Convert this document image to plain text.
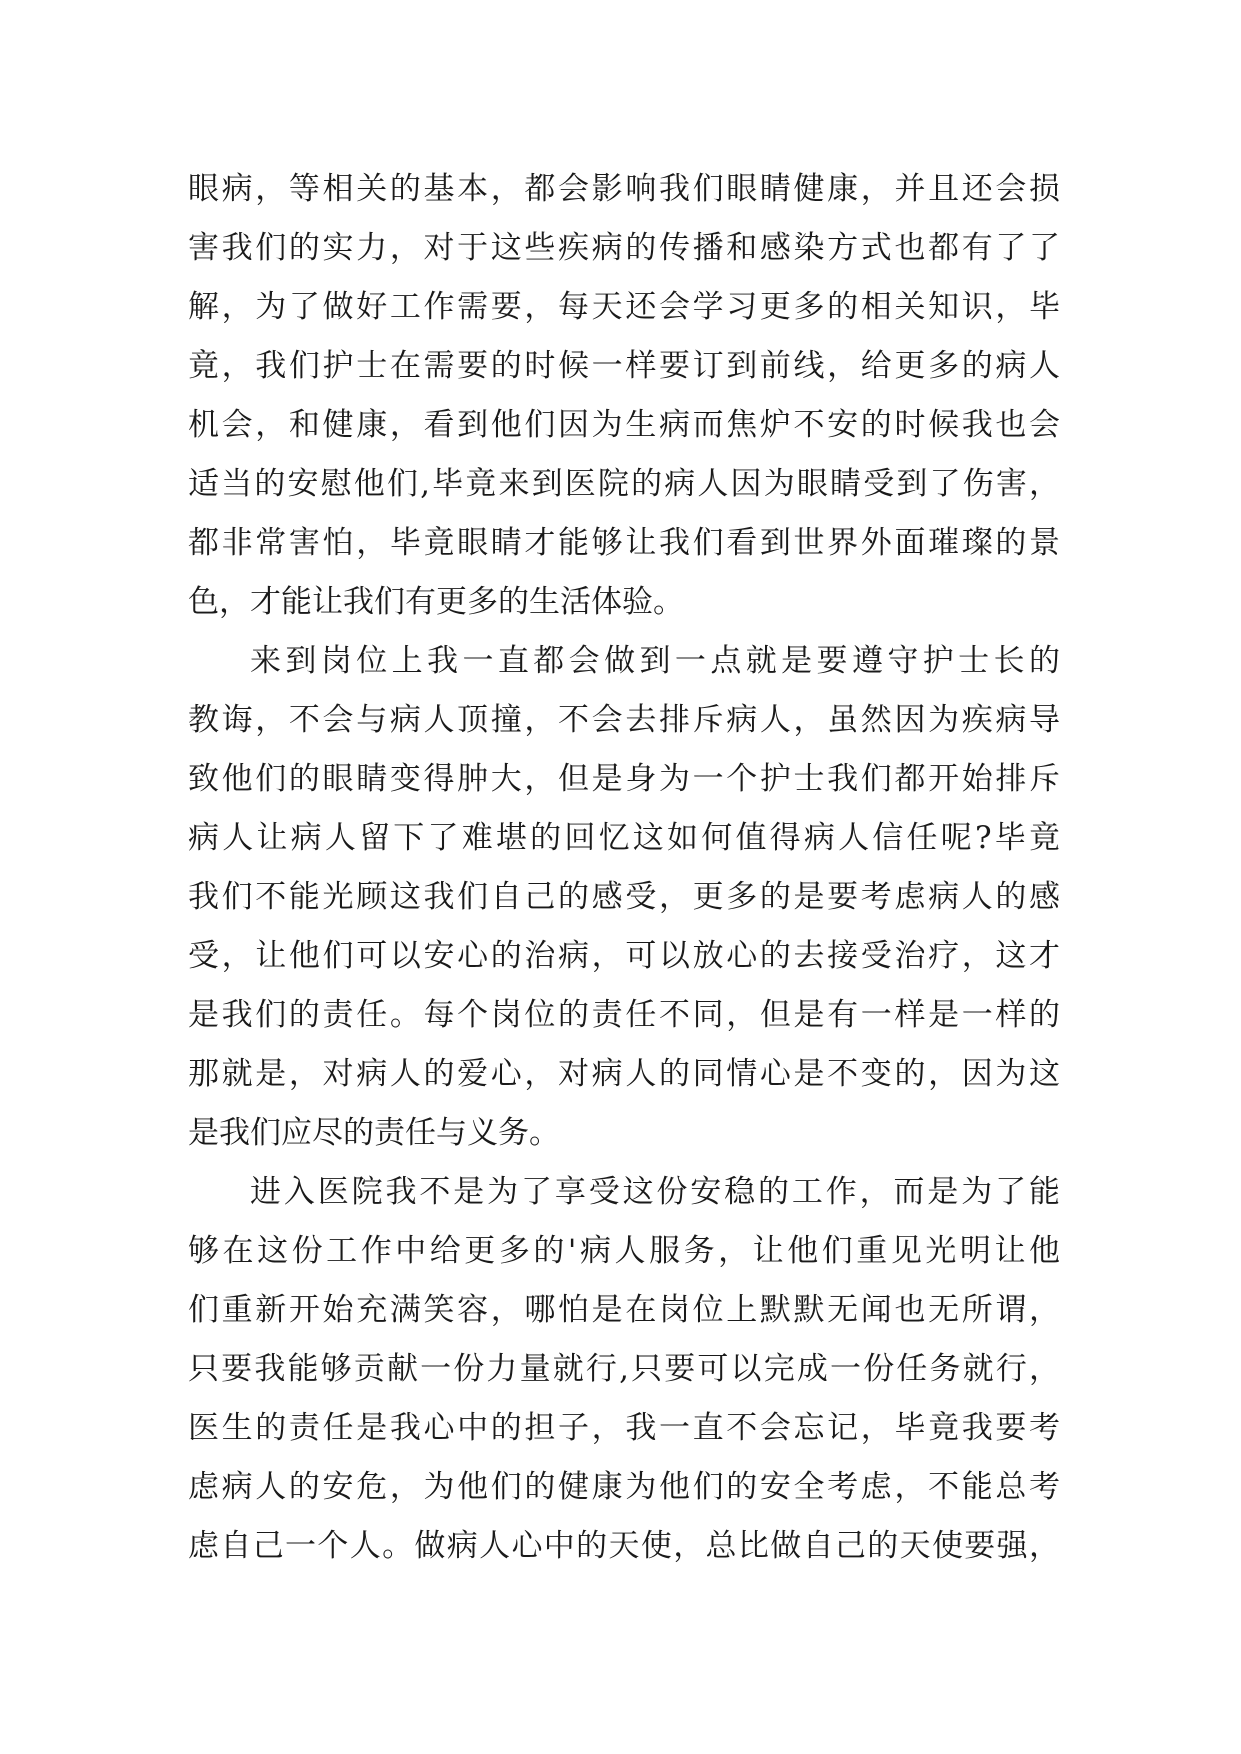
眼病，等相关的基本，都会影响我们眼睛健康，并且还会损
害我们的实力，对于这些疾病的传播和感染方式也都有了了
解，为了做好工作需要，每天还会学习更多的相关知识，毕
竟，我们护士在需要的时候一样要订到前线，给更多的病人
机会，和健康，看到他们因为生病而焦炉不安的时候我也会
适当的安慰他们,毕竟来到医院的病人因为眼睛受到了伤害，
都非常害怕，毕竟眼睛才能够让我们看到世界外面璀璨的景
色，才能让我们有更多的生活体验。
来到岗位上我一直都会做到一点就是要遵守护士长的
教诲，不会与病人顶撞，不会去排斥病人，虽然因为疾病导
致他们的眼睛变得肿大，但是身为一个护士我们都开始排斥
病人让病人留下了难堪的回忆这如何值得病人信任呢?毕竟
我们不能光顾这我们自己的感受，更多的是要考虑病人的感
受，让他们可以安心的治病，可以放心的去接受治疗，这才
是我们的责任。每个岗位的责任不同，但是有一样是一样的
那就是，对病人的爱心，对病人的同情心是不变的，因为这
是我们应尽的责任与义务。
进入医院我不是为了享受这份安稳的工作，而是为了能
够在这份工作中给更多的'病人服务，让他们重见光明让他
们重新开始充满笑容，哪怕是在岗位上默默无闻也无所谓，
只要我能够贡献一份力量就行,只要可以完成一份任务就行，
医生的责任是我心中的担子，我一直不会忘记，毕竟我要考
虑病人的安危，为他们的健康为他们的安全考虑，不能总考
虑自己一个人。做病人心中的天使，总比做自己的天使要强，
